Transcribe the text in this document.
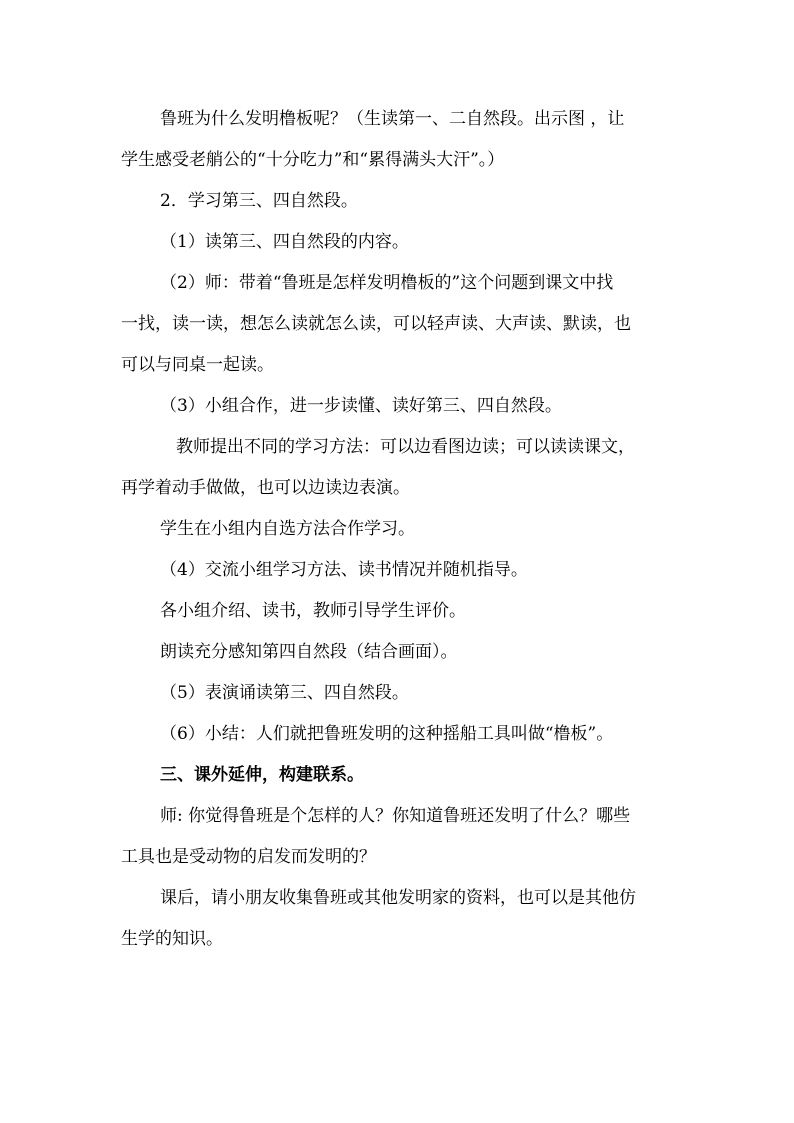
鲁班为什么发明橹板呢？（生读第一、二自然段。出示图 ，让
学生感受老艄公的“十分吃力”和“累得满头大汗”。）
2．学习第三、四自然段。
（1）读第三、四自然段的内容。
（2）师：带着“鲁班是怎样发明橹板的”这个问题到课文中找
一找，读一读，想怎么读就怎么读，可以轻声读、大声读、默读，也
可以与同桌一起读。
（3）小组合作，进一步读懂、读好第三、四自然段。
教师提出不同的学习方法：可以边看图边读；可以读读课文，
再学着动手做做，也可以边读边表演。
学生在小组内自选方法合作学习。
（4）交流小组学习方法、读书情况并随机指导。
各小组介绍、读书，教师引导学生评价。
朗读充分感知第四自然段（结合画面）。
（5）表演诵读第三、四自然段。
（6）小结：人们就把鲁班发明的这种摇船工具叫做“橹板”。
三、课外延伸，构建联系。
师: 你觉得鲁班是个怎样的人？你知道鲁班还发明了什么？哪些
工具也是受动物的启发而发明的？
课后，请小朋友收集鲁班或其他发明家的资料，也可以是其他仿
生学的知识。
